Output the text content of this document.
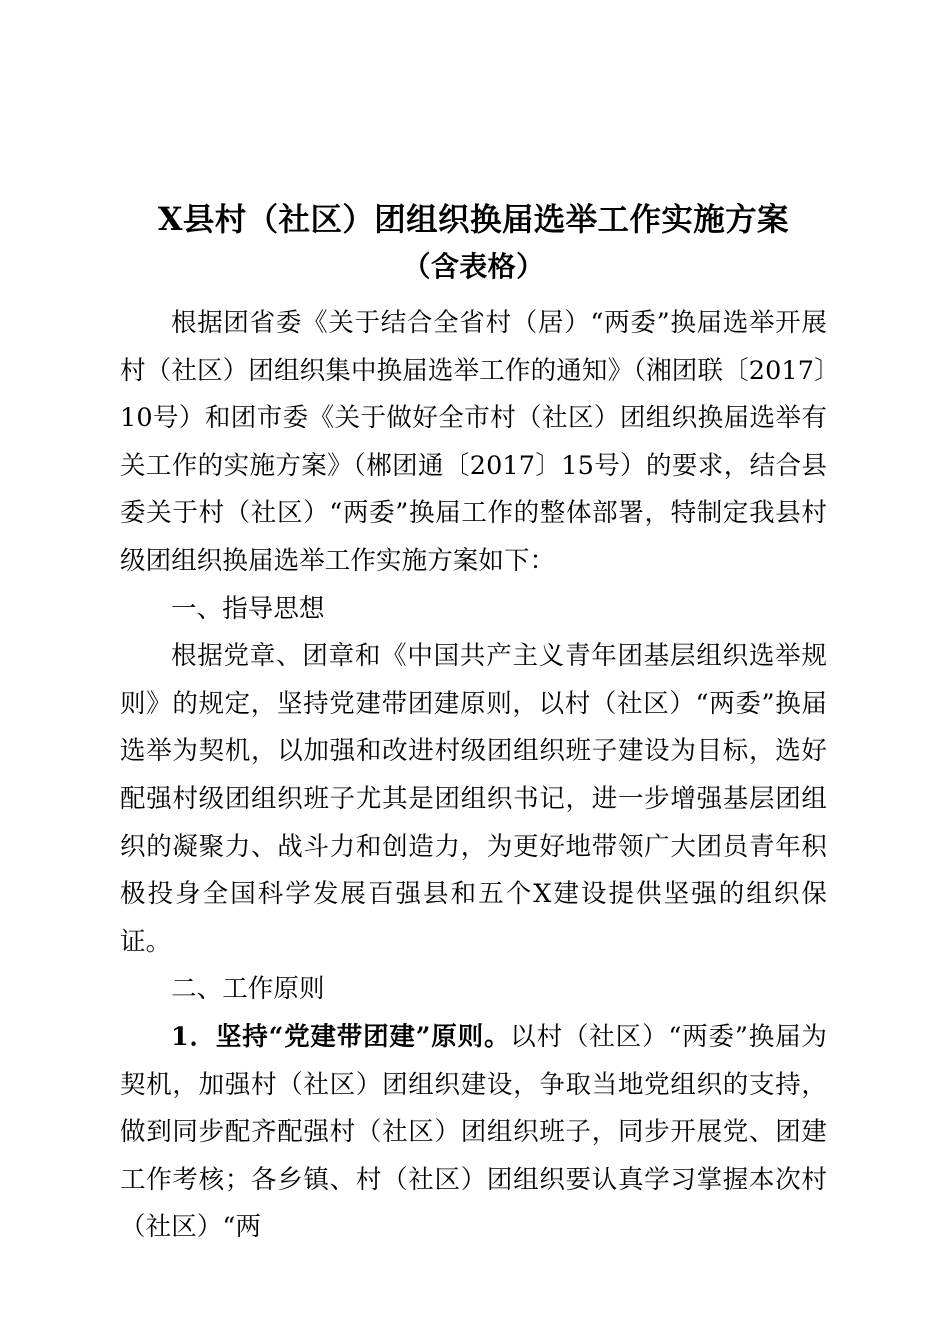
X县村（社区）团组织换届选举工作实施方案
（含表格）

根据团省委《关于结合全省村（居）“两委”换届选举开展村（社区）团组织集中换届选举工作的通知》（湘团联〔2017〕10号）和团市委《关于做好全市村（社区）团组织换届选举有关工作的实施方案》（郴团通〔2017〕15号）的要求，结合县委关于村（社区）“两委”换届工作的整体部署，特制定我县村级团组织换届选举工作实施方案如下：

一、指导思想

根据党章、团章和《中国共产主义青年团基层组织选举规则》的规定，坚持党建带团建原则，以村（社区）“两委”换届选举为契机，以加强和改进村级团组织班子建设为目标，选好配强村级团组织班子尤其是团组织书记，进一步增强基层团组织的凝聚力、战斗力和创造力，为更好地带领广大团员青年积极投身全国科学发展百强县和五个X建设提供坚强的组织保证。

二、工作原则

1．坚持“党建带团建”原则。以村（社区）“两委”换届为契机，加强村（社区）团组织建设，争取当地党组织的支持，做到同步配齐配强村（社区）团组织班子，同步开展党、团建工作考核；各乡镇、村（社区）团组织要认真学习掌握本次村（社区）“两
